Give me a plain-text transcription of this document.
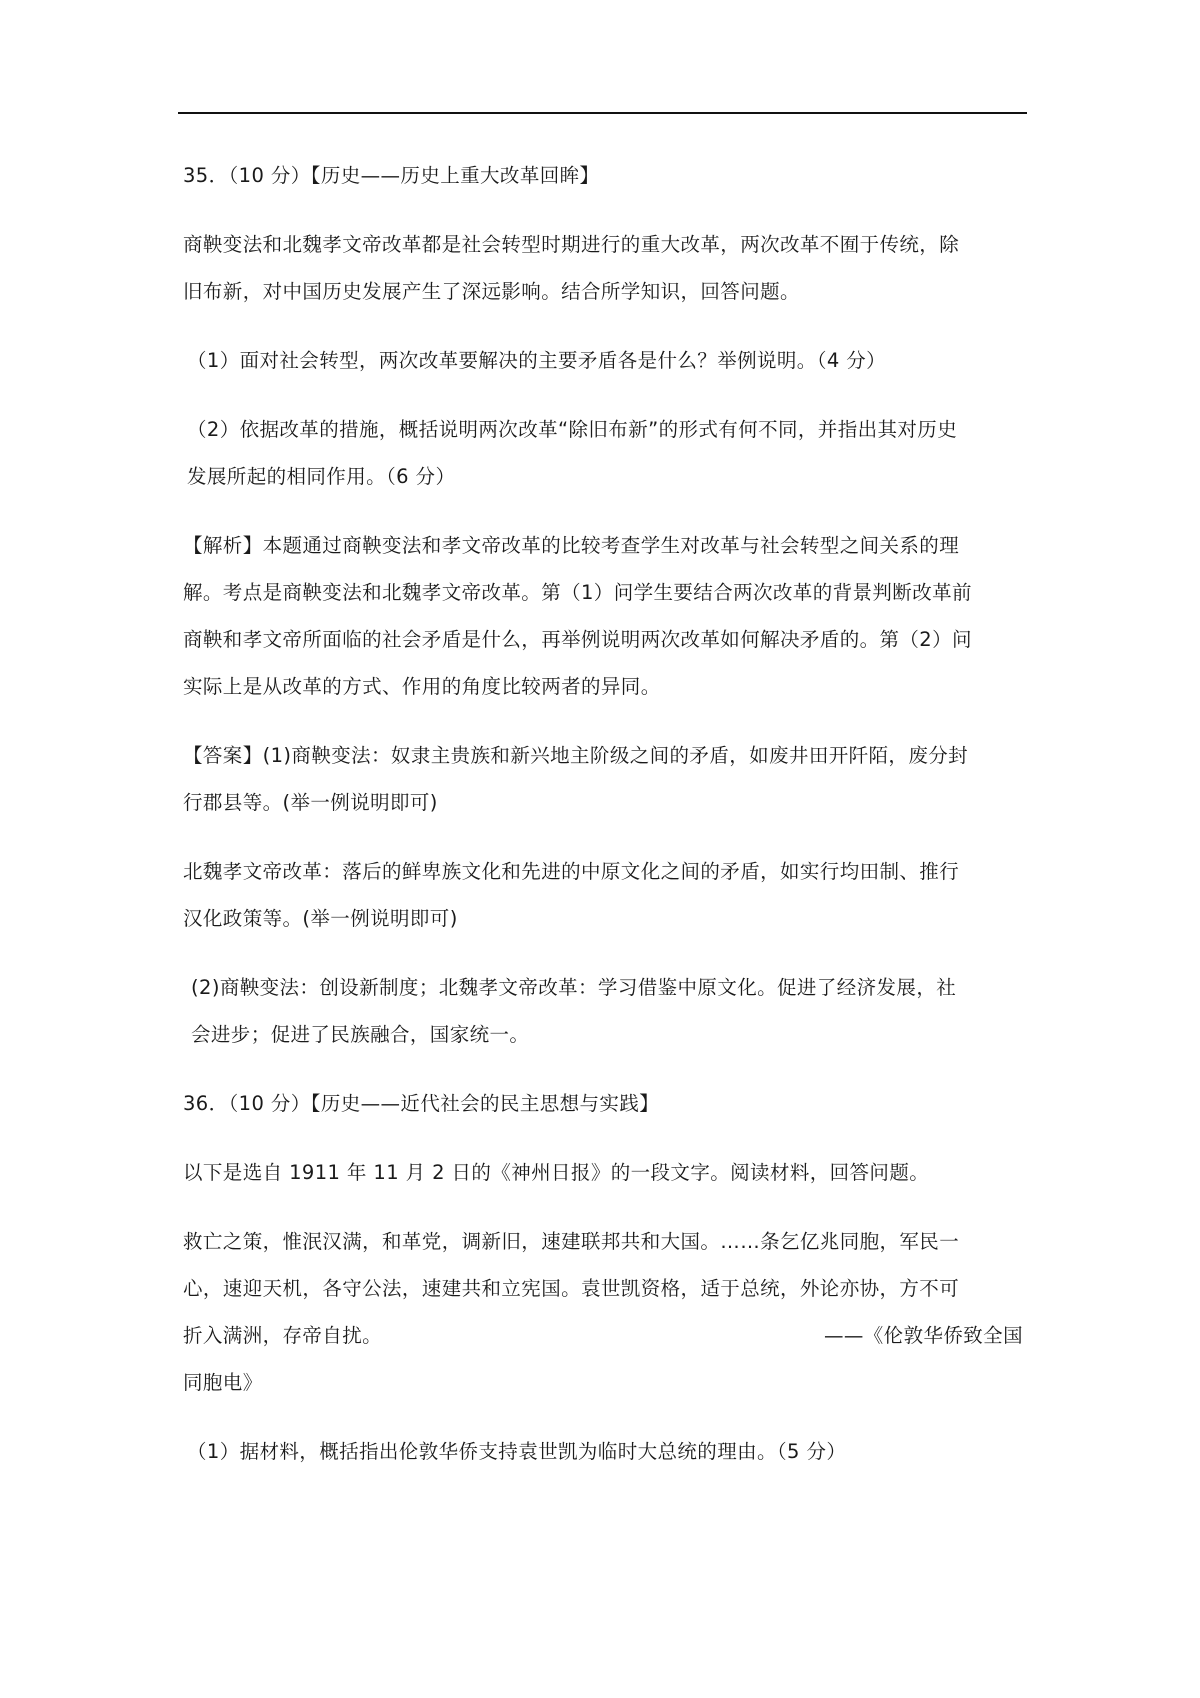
35．（10 分）【历史——历史上重大改革回眸】

商鞅变法和北魏孝文帝改革都是社会转型时期进行的重大改革，两次改革不囿于传统，除
旧布新，对中国历史发展产生了深远影响。结合所学知识，回答问题。

（1）面对社会转型，两次改革要解决的主要矛盾各是什么？举例说明。（4 分）

（2）依据改革的措施，概括说明两次改革“除旧布新”的形式有何不同，并指出其对历史
发展所起的相同作用。（6 分）

【解析】本题通过商鞅变法和孝文帝改革的比较考查学生对改革与社会转型之间关系的理
解。考点是商鞅变法和北魏孝文帝改革。第（1）问学生要结合两次改革的背景判断改革前
商鞅和孝文帝所面临的社会矛盾是什么，再举例说明两次改革如何解决矛盾的。第（2）问
实际上是从改革的方式、作用的角度比较两者的异同。

【答案】(1)商鞅变法：奴隶主贵族和新兴地主阶级之间的矛盾，如废井田开阡陌，废分封
行郡县等。(举一例说明即可)

北魏孝文帝改革：落后的鲜卑族文化和先进的中原文化之间的矛盾，如实行均田制、推行
汉化政策等。(举一例说明即可)

(2)商鞅变法：创设新制度；北魏孝文帝改革：学习借鉴中原文化。促进了经济发展，社
会进步；促进了民族融合，国家统一。

36．（10 分）【历史——近代社会的民主思想与实践】

以下是选自 1911 年 11 月 2 日的《神州日报》的一段文字。阅读材料，回答问题。

救亡之策，惟泯汉满，和革党，调新旧，速建联邦共和大国。……条乞亿兆同胞，军民一
心，速迎天机，各守公法，速建共和立宪国。袁世凯资格，适于总统，外论亦协，方不可
折入满洲，存帝自扰。	——《伦敦华侨致全国
同胞电》

（1）据材料，概括指出伦敦华侨支持袁世凯为临时大总统的理由。（5 分）
